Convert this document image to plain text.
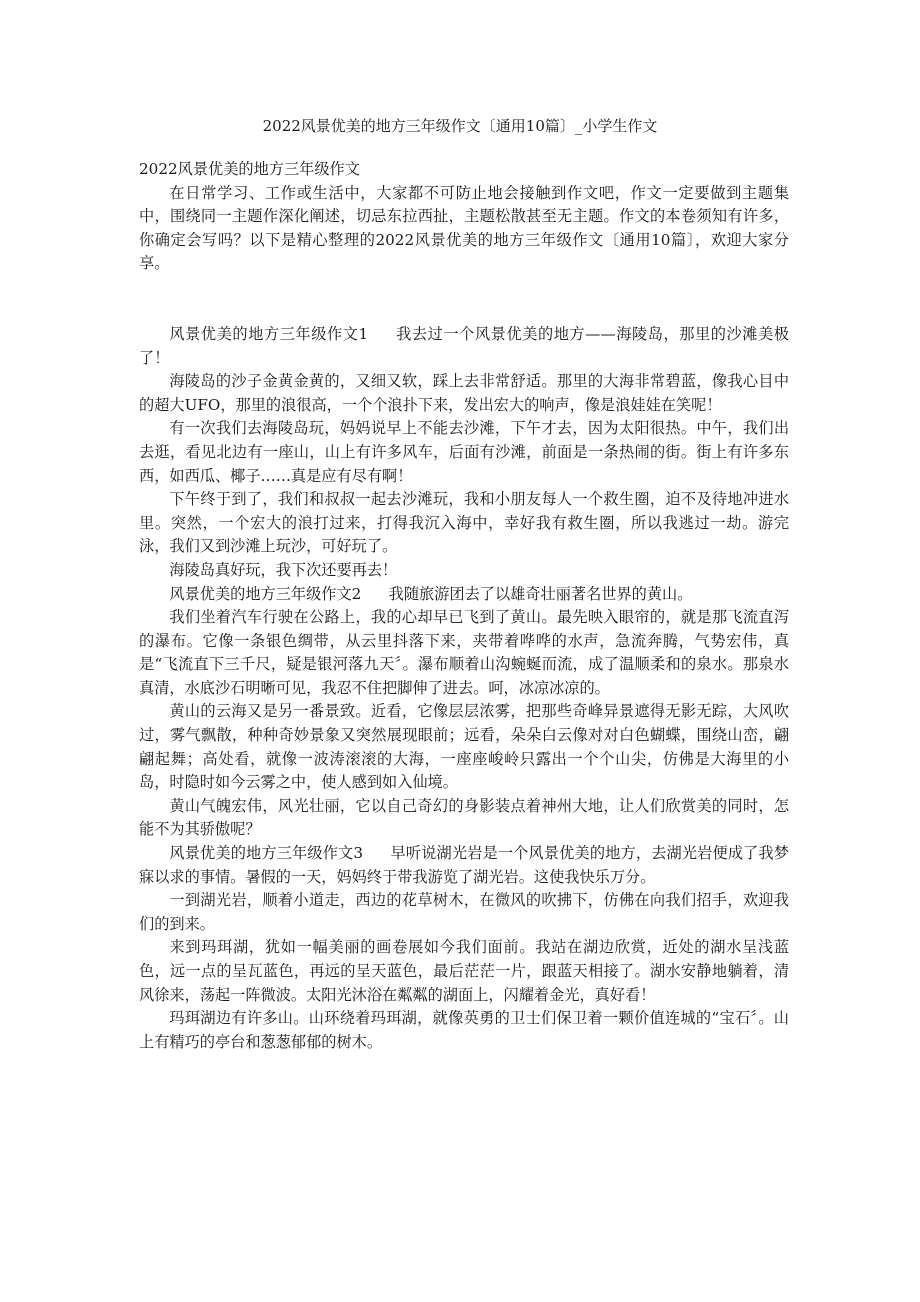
2022风景优美的地方三年级作文〔通用10篇〕_小学生作文
2022风景优美的地方三年级作文

在日常学习、工作或生活中，大家都不可防止地会接触到作文吧，作文一定要做到主题集中，围绕同一主题作深化阐述，切忌东拉西扯，主题松散甚至无主题。作文的本卷须知有许多，你确定会写吗？以下是精心整理的2022风景优美的地方三年级作文〔通用10篇〕，欢迎大家分享。

风景优美的地方三年级作文1 我去过一个风景优美的地方——海陵岛，那里的沙滩美极了！

海陵岛的沙子金黄金黄的，又细又软，踩上去非常舒适。那里的大海非常碧蓝，像我心目中的超大UFO，那里的浪很高，一个个浪扑下来，发出宏大的响声，像是浪娃娃在笑呢！

有一次我们去海陵岛玩，妈妈说早上不能去沙滩，下午才去，因为太阳很热。中午，我们出去逛，看见北边有一座山，山上有许多风车，后面有沙滩，前面是一条热闹的街。街上有许多东西，如西瓜、椰子……真是应有尽有啊！

下午终于到了，我们和叔叔一起去沙滩玩，我和小朋友每人一个救生圈，迫不及待地冲进水里。突然，一个宏大的浪打过来，打得我沉入海中，幸好我有救生圈，所以我逃过一劫。游完泳，我们又到沙滩上玩沙，可好玩了。

海陵岛真好玩，我下次还要再去！

风景优美的地方三年级作文2 我随旅游团去了以雄奇壮丽著名世界的黄山。

我们坐着汽车行驶在公路上，我的心却早已飞到了黄山。最先映入眼帘的，就是那飞流直泻的瀑布。它像一条银色绸带，从云里抖落下来，夹带着哗哗的水声，急流奔腾，气势宏伟，真是“飞流直下三千尺，疑是银河落九天〞。瀑布顺着山沟蜿蜒而流，成了温顺柔和的泉水。那泉水真清，水底沙石明晰可见，我忍不住把脚伸了进去。呵，冰凉冰凉的。

黄山的云海又是另一番景致。近看，它像层层浓雾，把那些奇峰异景遮得无影无踪，大风吹过，雾气飘散，种种奇妙景象又突然展现眼前；远看，朵朵白云像对对白色蝴蝶，围绕山峦，翩翩起舞；高处看，就像一波涛滚滚的大海，一座座峻岭只露出一个个山尖，仿佛是大海里的小岛，时隐时如今云雾之中，使人感到如入仙境。

黄山气魄宏伟，风光壮丽，它以自己奇幻的身影装点着神州大地，让人们欣赏美的同时，怎能不为其骄傲呢？

风景优美的地方三年级作文3 早听说湖光岩是一个风景优美的地方，去湖光岩便成了我梦寐以求的事情。暑假的一天，妈妈终于带我游览了湖光岩。这使我快乐万分。

一到湖光岩，顺着小道走，西边的花草树木，在微风的吹拂下，仿佛在向我们招手，欢迎我们的到来。

来到玛珥湖，犹如一幅美丽的画卷展如今我们面前。我站在湖边欣赏，近处的湖水呈浅蓝色，远一点的呈瓦蓝色，再远的呈天蓝色，最后茫茫一片，跟蓝天相接了。湖水安静地躺着，清风徐来，荡起一阵微波。太阳光沐浴在粼粼的湖面上，闪耀着金光，真好看！

玛珥湖边有许多山。山环绕着玛珥湖，就像英勇的卫士们保卫着一颗价值连城的“宝石〞。山上有精巧的亭台和葱葱郁郁的树木。
